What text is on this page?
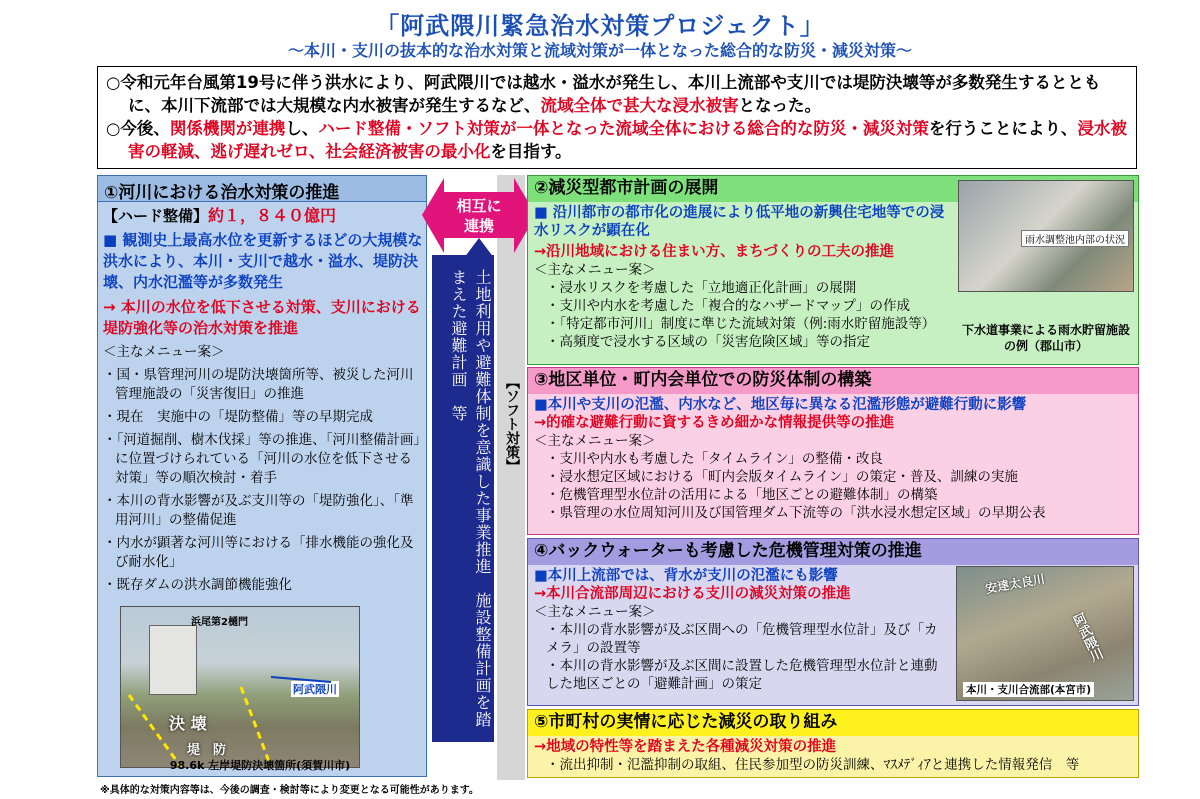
「阿武隈川緊急治水対策プロジェクト」
～本川・支川の抜本的な治水対策と流域対策が一体となった総合的な防災・減災対策～

○令和元年台風第19号に伴う洪水により、阿武隈川では越水・溢水が発生し、本川上流部や支川では堤防決壊等が多数発生するとともに、本川下流部では大規模な内水被害が発生するなど、流域全体で甚大な浸水被害となった。

○今後、関係機関が連携し、ハード整備・ソフト対策が一体となった流域全体における総合的な防災・減災対策を行うことにより、浸水被害の軽減、逃げ遅れゼロ、社会経済被害の最小化を目指す。

①河川における治水対策の推進
【ハード整備】約１，８４０億円
■ 観測史上最高水位を更新するほどの大規模な洪水により、本川・支川で越水・溢水、堤防決壊、内水氾濫等が多数発生
→ 本川の水位を低下させる対策、支川における堤防強化等の治水対策を推進
＜主なメニュー案＞
・国・県管理河川の堤防決壊箇所等、被災した河川管理施設の「災害復旧」の推進
・現在　実施中の「堤防整備」等の早期完成
・「河道掘削、樹木伐採」等の推進、「河川整備計画」に位置づけられている「河川の水位を低下させる対策」等の順次検討・着手
・本川の背水影響が及ぶ支川等の「堤防強化」、「準用河川」の整備促進
・内水が顕著な河川等における「排水機能の強化及び耐水化」
・既存ダムの洪水調節機能強化
浜尾第2樋門
阿武隈川
決 壊
堤　防
98.6k 左岸堤防決壊箇所(須賀川市)
【ソフト対策】
相互に
連携
土地利用や避難体制を意識した事業推進　施設整備計画を踏まえた避難計画　等
②減災型都市計画の展開
■ 沿川都市の都市化の進展により低平地の新興住宅地等での浸水リスクが顕在化
→沿川地域における住まい方、まちづくりの工夫の推進
＜主なメニュー案＞
・浸水リスクを考慮した「立地適正化計画」の展開
・支川や内水を考慮した「複合的なハザードマップ」の作成
・「特定都市河川」制度に準じた流域対策（例:雨水貯留施設等）
・高頻度で浸水する区域の「災害危険区域」等の指定
雨水調整池内部の状況
下水道事業による雨水貯留施設の例（郡山市）
③地区単位・町内会単位での防災体制の構築
■本川や支川の氾濫、内水など、地区毎に異なる氾濫形態が避難行動に影響
→的確な避難行動に資するきめ細かな情報提供等の推進
＜主なメニュー案＞
・支川や内水も考慮した「タイムライン」の整備・改良
・浸水想定区域における「町内会版タイムライン」の策定・普及、訓練の実施
・危機管理型水位計の活用による「地区ごとの避難体制」の構築
・県管理の水位周知河川及び国管理ダム下流等の「洪水浸水想定区域」の早期公表
④バックウォーターも考慮した危機管理対策の推進
■本川上流部では、背水が支川の氾濫にも影響
→本川合流部周辺における支川の減災対策の推進
＜主なメニュー案＞
・本川の背水影響が及ぶ区間への「危機管理型水位計」及び「カメラ」の設置等
・本川の背水影響が及ぶ区間に設置した危機管理型水位計と連動した地区ごとの「避難計画」の策定
安達太良川
阿武隈川
本川・支川合流部(本宮市)
⑤市町村の実情に応じた減災の取り組み
→地域の特性等を踏まえた各種減災対策の推進
・流出抑制・氾濫抑制の取組、住民参加型の防災訓練、ﾏｽﾒﾃﾞｨｱと連携した情報発信　等
※具体的な対策内容等は、今後の調査・検討等により変更となる可能性があります。
